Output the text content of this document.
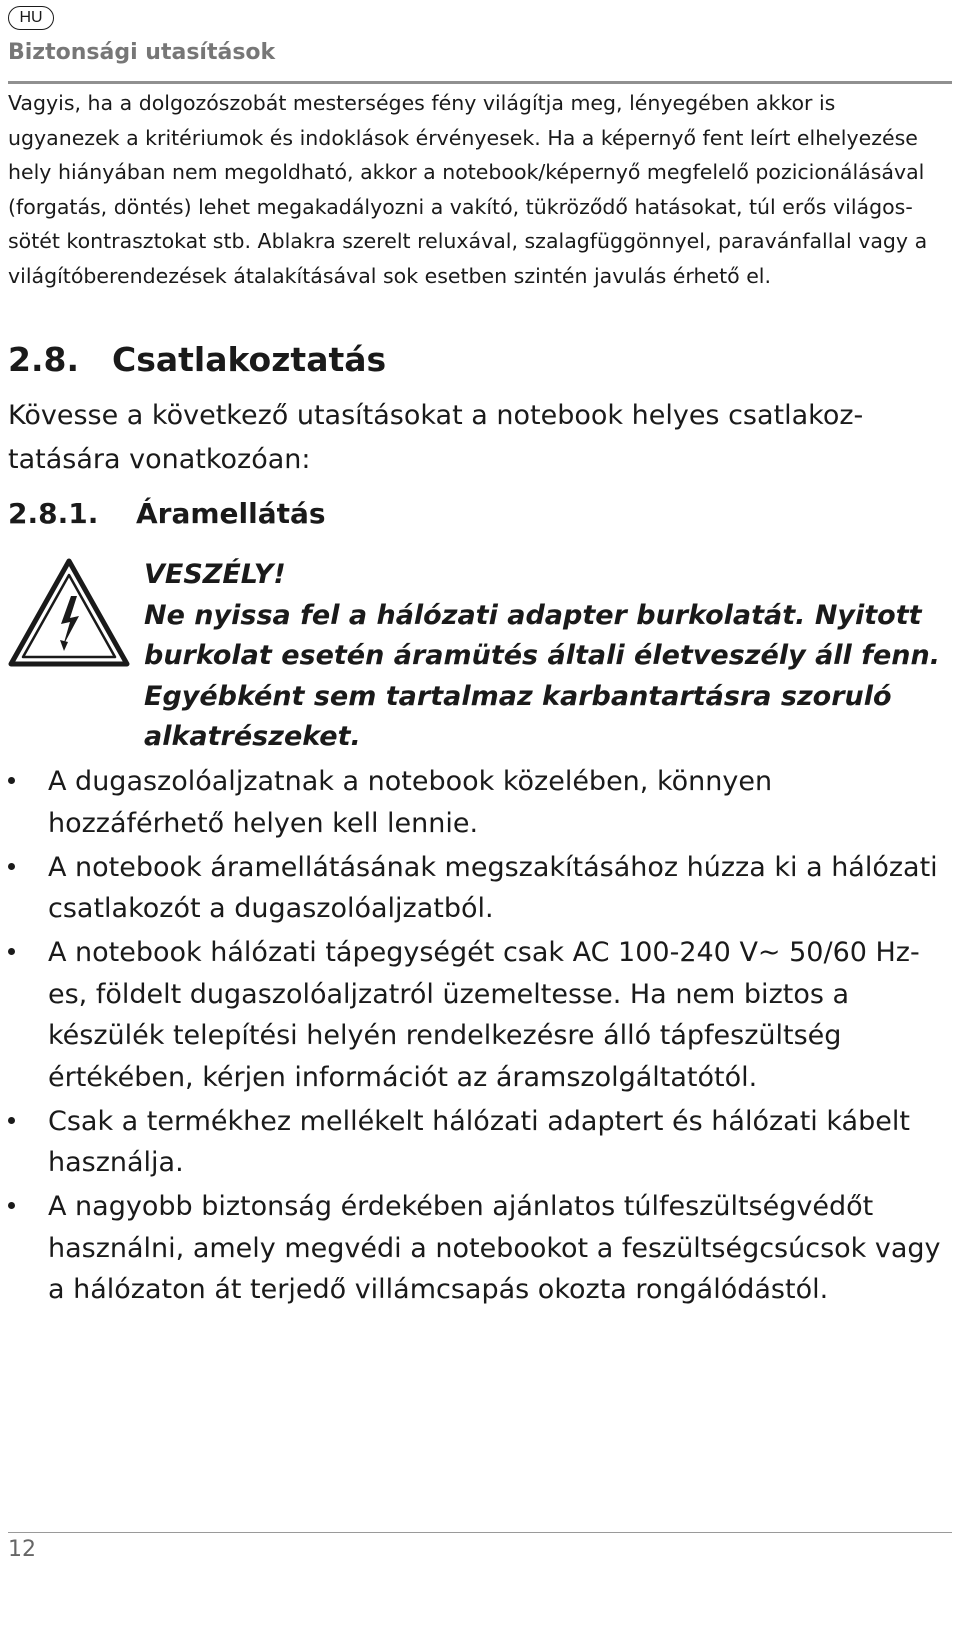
HU
Biztonsági utasítások

Vagyis, ha a dolgozószobát mesterséges fény világítja meg, lényegében akkor is ugyanezek a kritériumok és indoklások érvényesek. Ha a képernyő fent leírt elhelyezése hely hiányában nem megoldható, akkor a notebook/képernyő megfelelő pozicionálásával (forgatás, döntés) lehet megakadályozni a vakító, tükröződő hatásokat, túl erős világos-sötét kontrasztokat stb. Ablakra szerelt reluxával, szalagfüggönnyel, paravánfallal vagy a világítóberendezések átalakításával sok esetben szintén javulás érhető el.

2.8. Csatlakoztatás

Kövesse a következő utasításokat a notebook helyes csatlakoz-tatására vonatkozóan:

2.8.1. Áramellátás
VESZÉLY!
Ne nyissa fel a hálózati adapter burkolatát. Nyitott burkolat esetén áramütés általi életveszély áll fenn. Egyébként sem tartalmaz karbantartásra szoruló alkatrészeket.
A dugaszolóaljzatnak a notebook közelében, könnyen hozzáférhető helyen kell lennie.
A notebook áramellátásának megszakításához húzza ki a hálózati csatlakozót a dugaszolóaljzatból.
A notebook hálózati tápegységét csak AC 100-240 V~ 50/60 Hz-es, földelt dugaszolóaljzatról üzemeltesse. Ha nem biztos a készülék telepítési helyén rendelkezésre álló tápfeszültség értékében, kérjen információt az áramszolgáltatótól.
Csak a termékhez mellékelt hálózati adaptert és hálózati kábelt használja.
A nagyobb biztonság érdekében ajánlatos túlfeszültségvédőt használni, amely megvédi a notebookot a feszültségcsúcsok vagy a hálózaton át terjedő villámcsapás okozta rongálódástól.
12
